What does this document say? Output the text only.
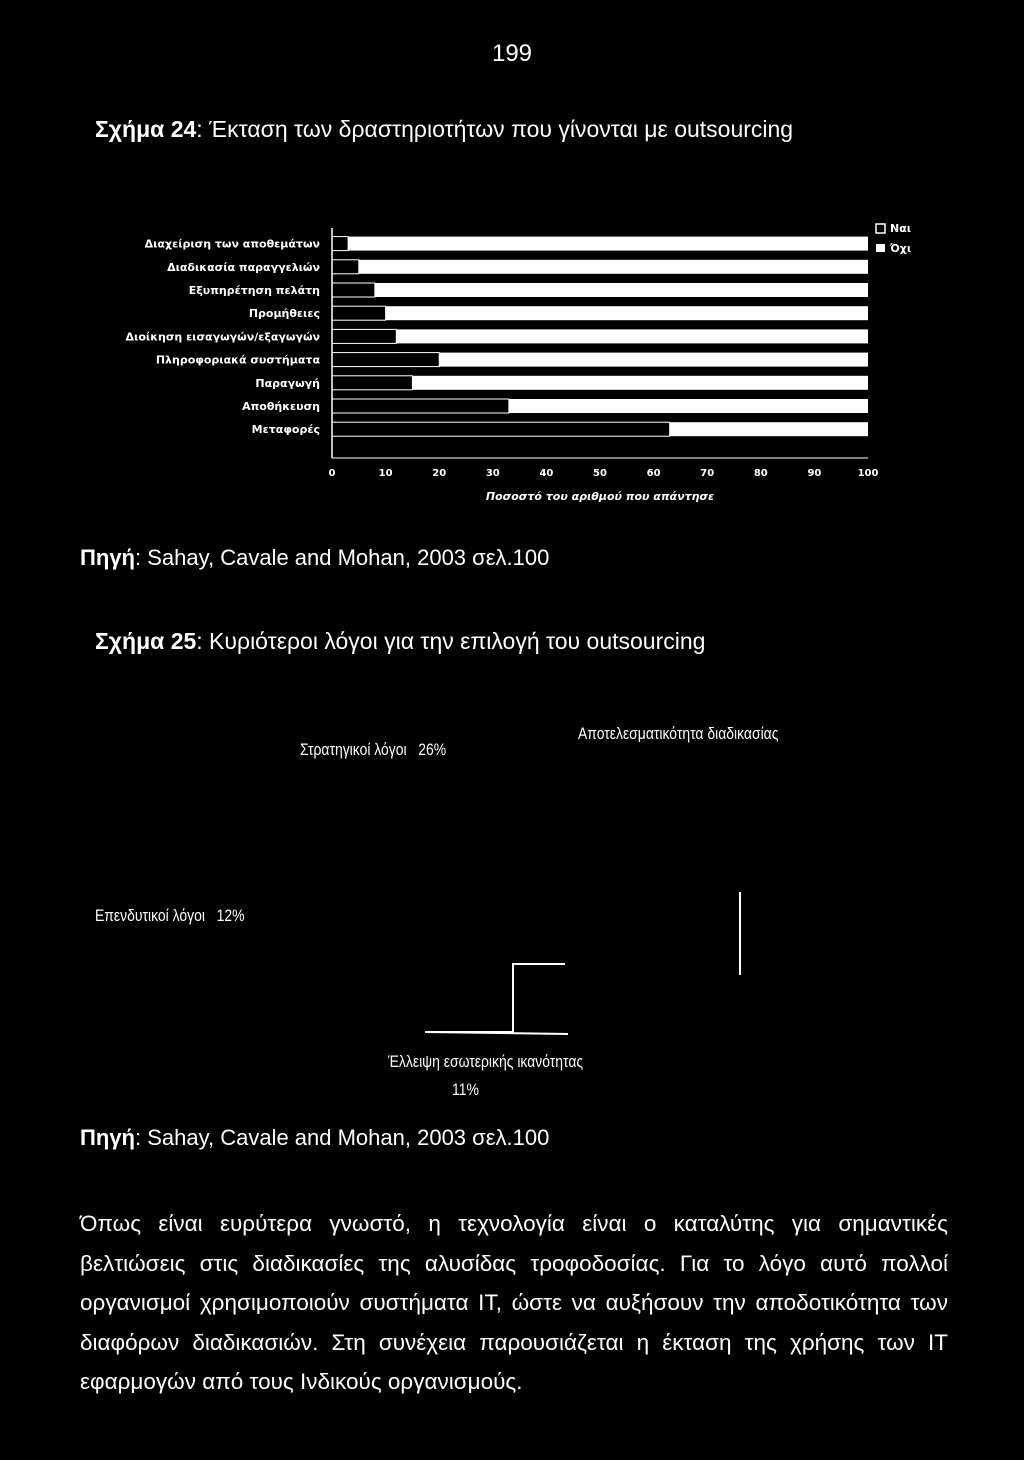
199
Σχήμα 24: Έκταση των δραστηριοτήτων που γίνονται με outsourcing
Διαχείριση των αποθεμάτων
Διαδικασία παραγγελιών
Εξυπηρέτηση πελάτη
Προμήθειες
Διοίκηση εισαγωγών/εξαγωγών
Πληροφοριακά συστήματα
Παραγωγή
Αποθήκευση
Μεταφορές
0	10	20	30	40	50	60	70	80	90	100
Ποσοστό του αριθμού που απάντησε
Ναι
Όχι
Πηγή: Sahay, Cavale and Mohan, 2003 σελ.100
Σχήμα 25: Κυριότεροι λόγοι για την επιλογή του outsourcing
Στρατηγικοί λόγοι 26%
Αποτελεσματικότητα διαδικασίας
Επενδυτικοί λόγοι 12%
Έλλειψη εσωτερικής ικανότητας
11%
Πηγή: Sahay, Cavale and Mohan, 2003 σελ.100
Όπως είναι ευρύτερα γνωστό, η τεχνολογία είναι ο καταλύτης για σημαντικές βελτιώσεις στις διαδικασίες της αλυσίδας τροφοδοσίας. Για το λόγο αυτό πολλοί οργανισμοί χρησιμοποιούν συστήματα IT, ώστε να αυξήσουν την αποδοτικότητα των διαφόρων διαδικασιών. Στη συνέχεια παρουσιάζεται η έκταση της χρήσης των IT εφαρμογών από τους Ινδικούς οργανισμούς.
